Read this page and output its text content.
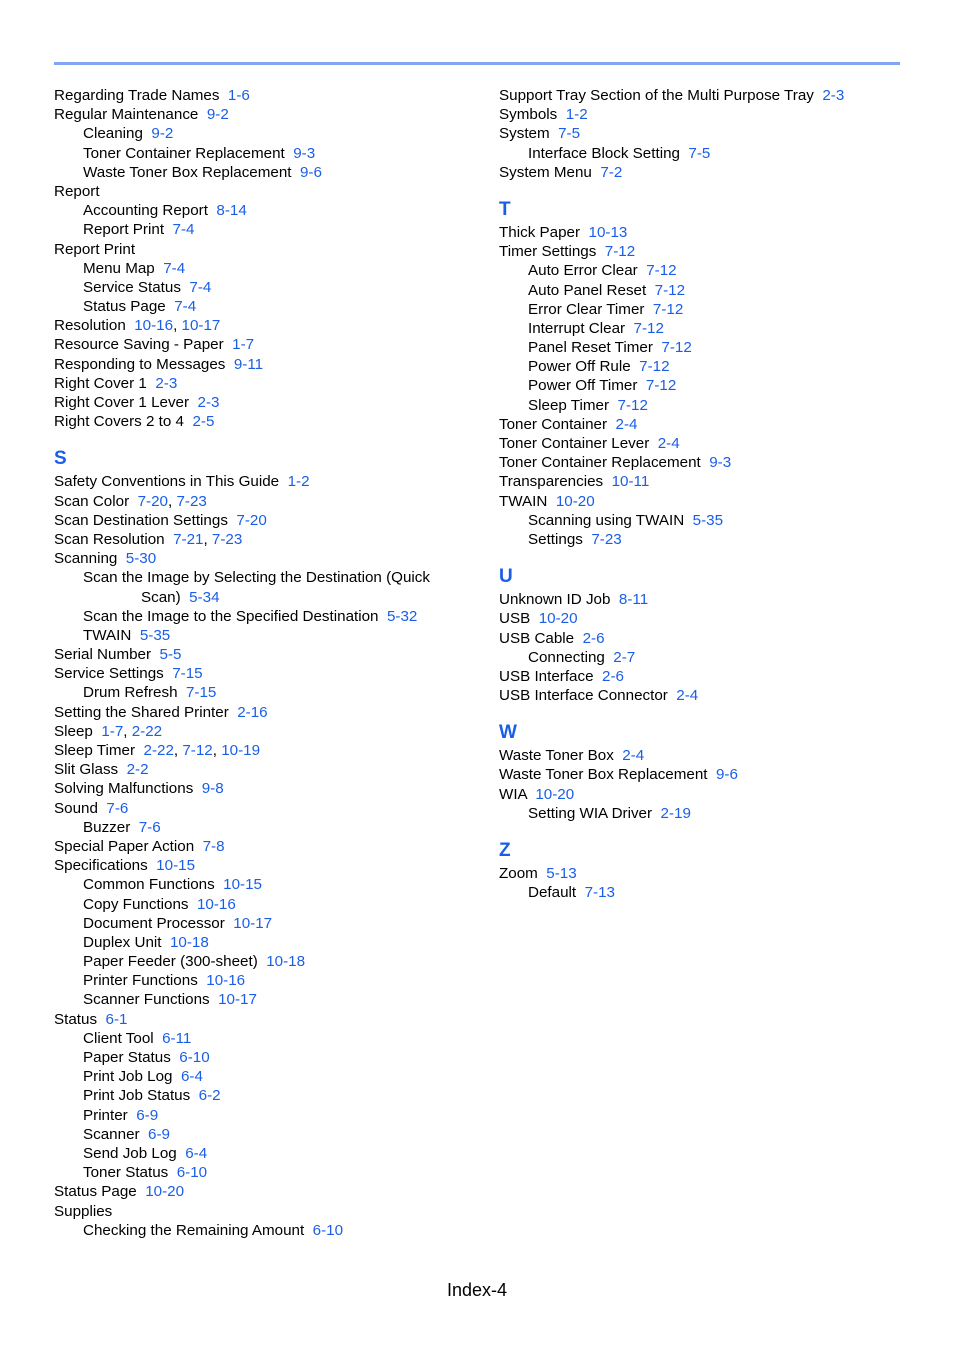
Regarding Trade Names 1-6
Regular Maintenance 9-2
Cleaning 9-2
Toner Container Replacement 9-3
Waste Toner Box Replacement 9-6
Report
Accounting Report 8-14
Report Print 7-4
Report Print
Menu Map 7-4
Service Status 7-4
Status Page 7-4
Resolution 10-16, 10-17
Resource Saving - Paper 1-7
Responding to Messages 9-11
Right Cover 1 2-3
Right Cover 1 Lever 2-3
Right Covers 2 to 4 2-5
S
Safety Conventions in This Guide 1-2
Scan Color 7-20, 7-23
Scan Destination Settings 7-20
Scan Resolution 7-21, 7-23
Scanning 5-30
Scan the Image by Selecting the Destination (Quick
Scan) 5-34
Scan the Image to the Specified Destination 5-32
TWAIN 5-35
Serial Number 5-5
Service Settings 7-15
Drum Refresh 7-15
Setting the Shared Printer 2-16
Sleep 1-7, 2-22
Sleep Timer 2-22, 7-12, 10-19
Slit Glass 2-2
Solving Malfunctions 9-8
Sound 7-6
Buzzer 7-6
Special Paper Action 7-8
Specifications 10-15
Common Functions 10-15
Copy Functions 10-16
Document Processor 10-17
Duplex Unit 10-18
Paper Feeder (300-sheet) 10-18
Printer Functions 10-16
Scanner Functions 10-17
Status 6-1
Client Tool 6-11
Paper Status 6-10
Print Job Log 6-4
Print Job Status 6-2
Printer 6-9
Scanner 6-9
Send Job Log 6-4
Toner Status 6-10
Status Page 10-20
Supplies
Checking the Remaining Amount 6-10
Support Tray Section of the Multi Purpose Tray 2-3
Symbols 1-2
System 7-5
Interface Block Setting 7-5
System Menu 7-2
T
Thick Paper 10-13
Timer Settings 7-12
Auto Error Clear 7-12
Auto Panel Reset 7-12
Error Clear Timer 7-12
Interrupt Clear 7-12
Panel Reset Timer 7-12
Power Off Rule 7-12
Power Off Timer 7-12
Sleep Timer 7-12
Toner Container 2-4
Toner Container Lever 2-4
Toner Container Replacement 9-3
Transparencies 10-11
TWAIN 10-20
Scanning using TWAIN 5-35
Settings 7-23
U
Unknown ID Job 8-11
USB 10-20
USB Cable 2-6
Connecting 2-7
USB Interface 2-6
USB Interface Connector 2-4
W
Waste Toner Box 2-4
Waste Toner Box Replacement 9-6
WIA 10-20
Setting WIA Driver 2-19
Z
Zoom 5-13
Default 7-13
Index-4
